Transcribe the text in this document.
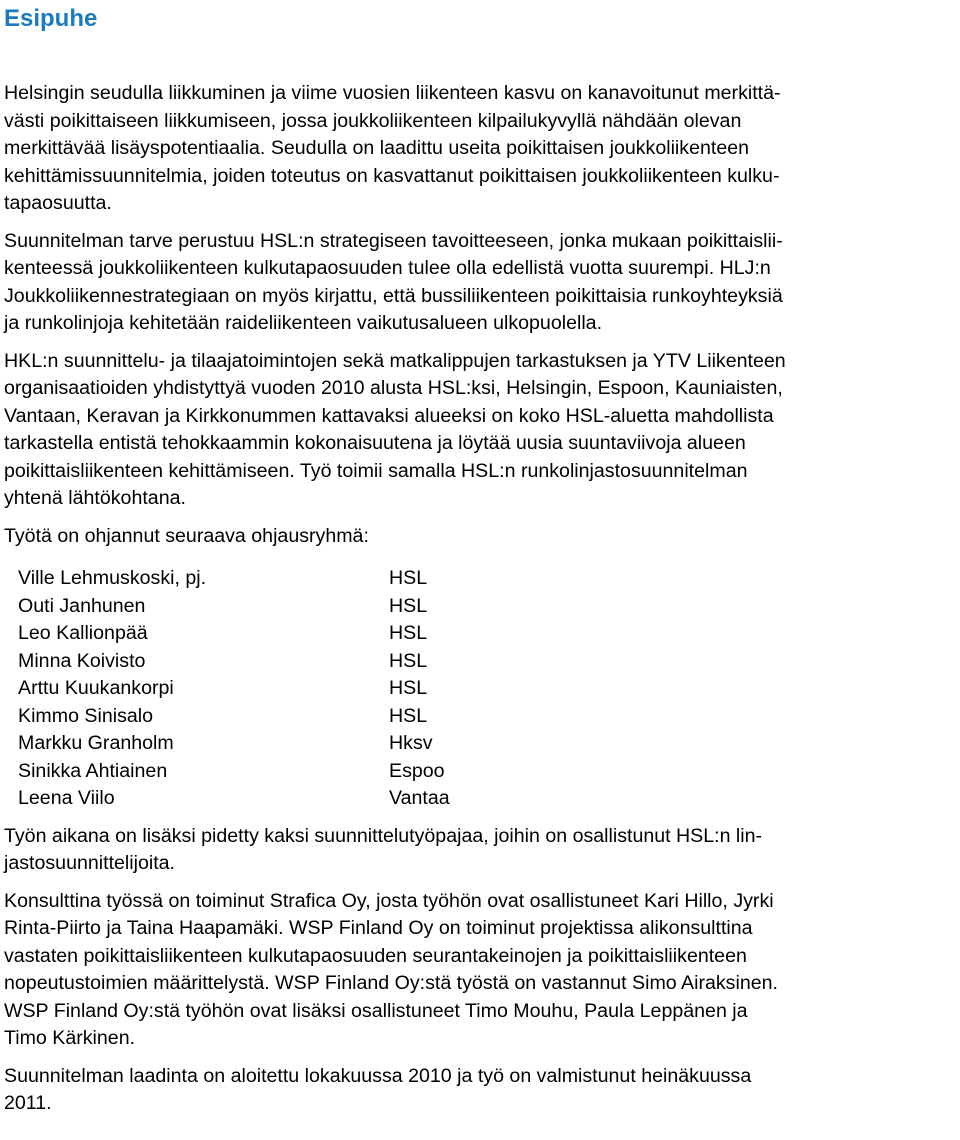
Esipuhe
Helsingin seudulla liikkuminen ja viime vuosien liikenteen kasvu on kanavoitunut merkittä-
västi poikittaiseen liikkumiseen, jossa joukkoliikenteen kilpailukyvyllä nähdään olevan
merkittävää lisäyspotentiaalia. Seudulla on laadittu useita poikittaisen joukkoliikenteen
kehittämissuunnitelmia, joiden toteutus on kasvattanut poikittaisen joukkoliikenteen kulku-
tapaosuutta.
Suunnitelman tarve perustuu HSL:n strategiseen tavoitteeseen, jonka mukaan poikittaislii-
kenteessä joukkoliikenteen kulkutapaosuuden tulee olla edellistä vuotta suurempi. HLJ:n
Joukkoliikennestrategiaan on myös kirjattu, että bussiliikenteen poikittaisia runkoyhteyksiä
ja runkolinjoja kehitetään raideliikenteen vaikutusalueen ulkopuolella.
HKL:n suunnittelu- ja tilaajatoimintojen sekä matkalippujen tarkastuksen ja YTV Liikenteen
organisaatioiden yhdistyttyä vuoden 2010 alusta HSL:ksi, Helsingin, Espoon, Kauniaisten,
Vantaan, Keravan ja Kirkkonummen kattavaksi alueeksi on koko HSL-aluetta mahdollista
tarkastella entistä tehokkaammin kokonaisuutena ja löytää uusia suuntaviivoja alueen
poikittaisliikenteen kehittämiseen. Työ toimii samalla HSL:n runkolinjastosuunnitelman
yhtenä lähtökohtana.
Työtä on ohjannut seuraava ohjausryhmä:
Ville Lehmuskoski, pj.	HSL
Outi Janhunen	HSL
Leo Kallionpää	HSL
Minna Koivisto	HSL
Arttu Kuukankorpi	HSL
Kimmo Sinisalo	HSL
Markku Granholm	Hksv
Sinikka Ahtiainen	Espoo
Leena Viilo	Vantaa
Työn aikana on lisäksi pidetty kaksi suunnittelutyöpajaa, joihin on osallistunut HSL:n lin-
jastosuunnittelijoita.
Konsulttina työssä on toiminut Strafica Oy, josta työhön ovat osallistuneet Kari Hillo, Jyrki
Rinta-Piirto ja Taina Haapamäki. WSP Finland Oy on toiminut projektissa alikonsulttina
vastaten poikittaisliikenteen kulkutapaosuuden seurantakeinojen ja poikittaisliikenteen
nopeutustoimien määrittelystä. WSP Finland Oy:stä työstä on vastannut Simo Airaksinen.
WSP Finland Oy:stä työhön ovat lisäksi osallistuneet Timo Mouhu, Paula Leppänen ja
Timo Kärkinen.
Suunnitelman laadinta on aloitettu lokakuussa 2010 ja työ on valmistunut heinäkuussa
2011.
